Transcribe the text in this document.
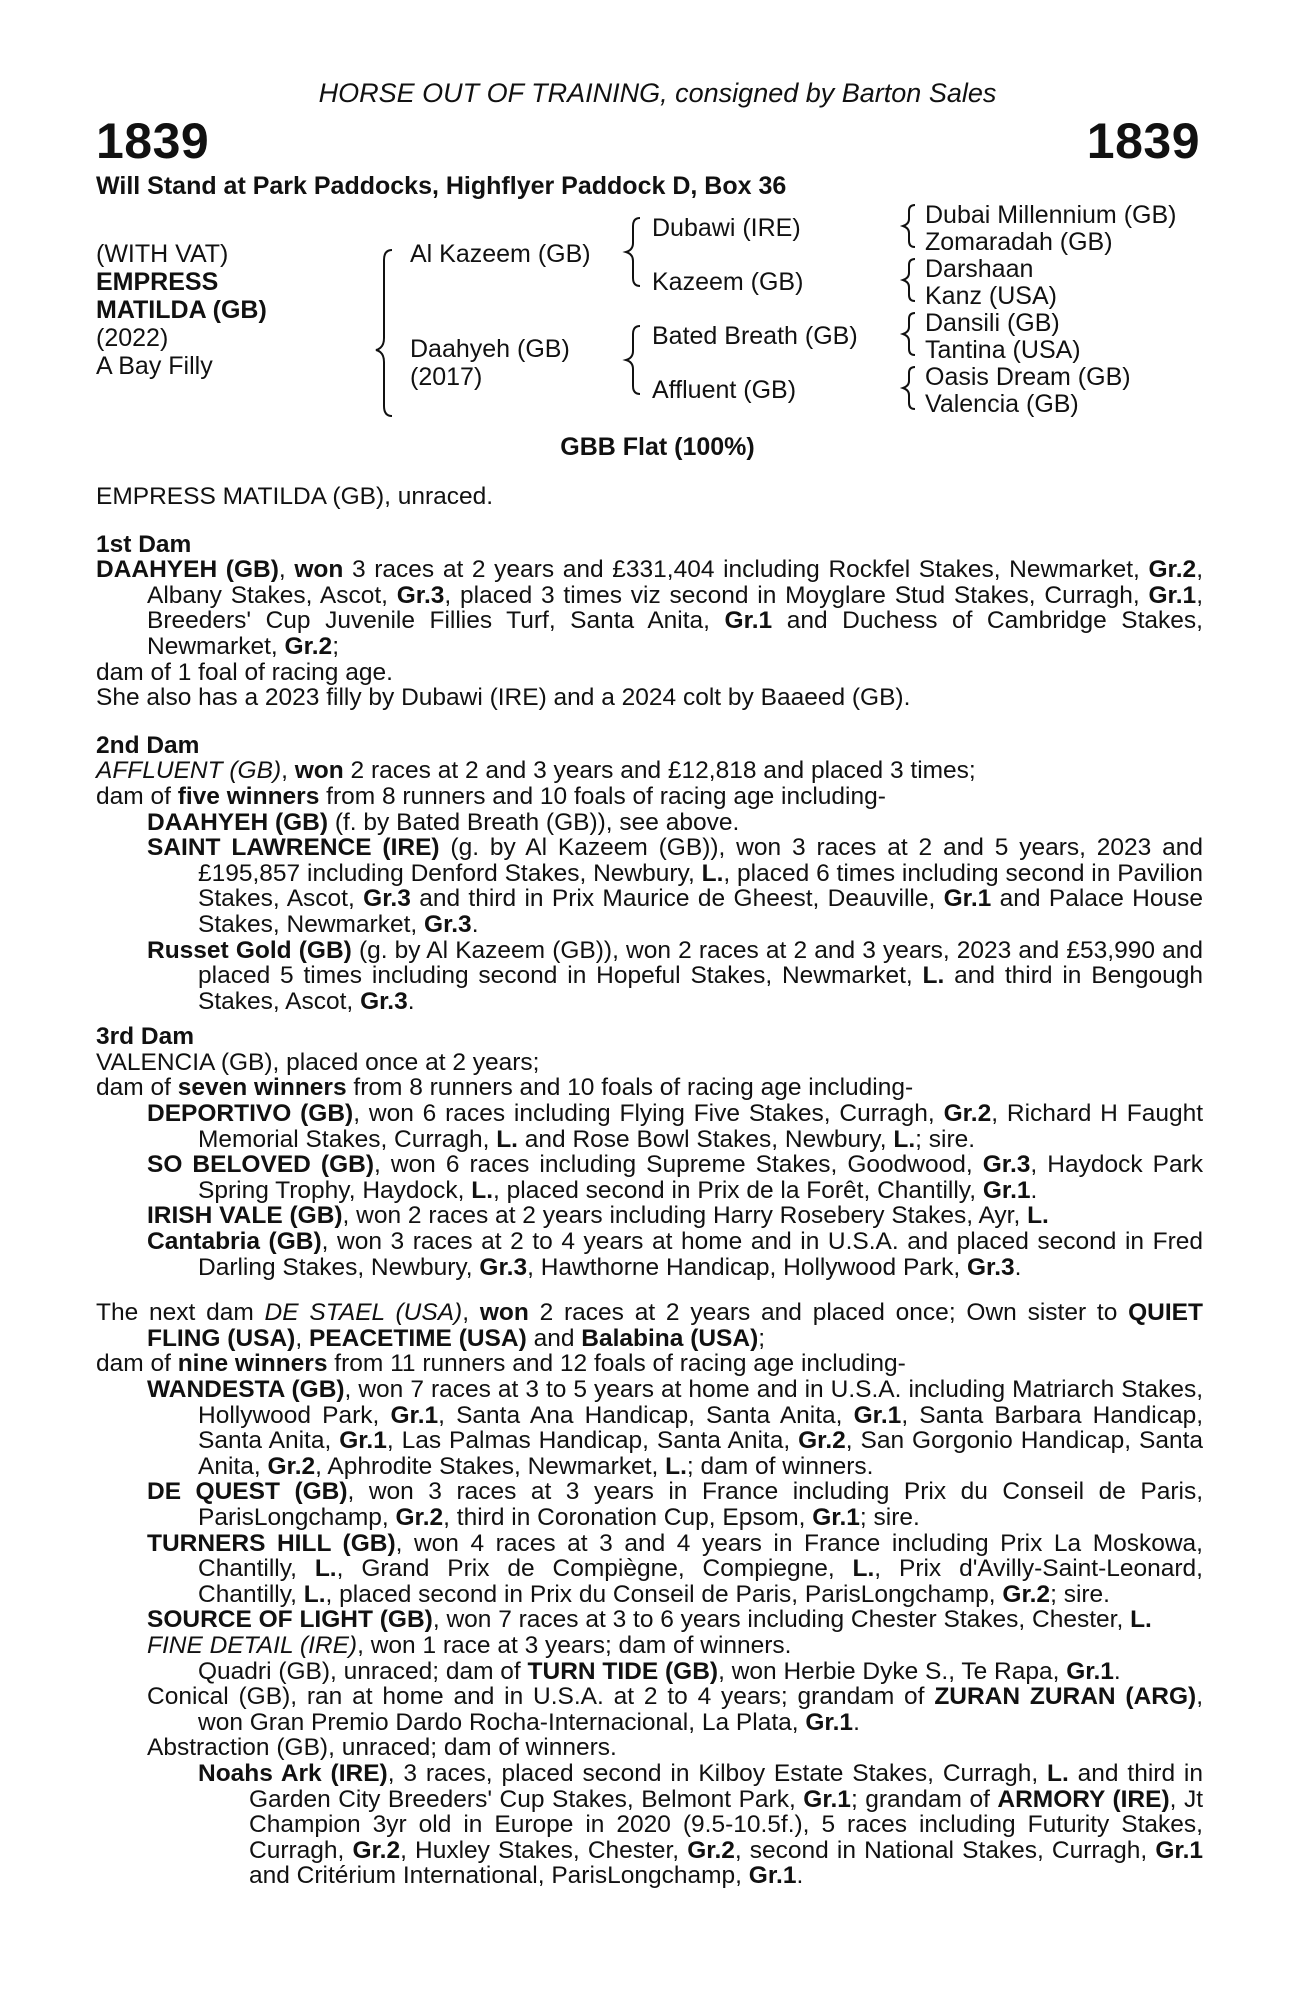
HORSE OUT OF TRAINING, consigned by Barton Sales
1839	1839
Will Stand at Park Paddocks, Highflyer Paddock D, Box 36
(WITH VAT)
EMPRESS
MATILDA (GB)
(2022)
A Bay Filly
Al Kazeem (GB)
Daahyeh (GB)
(2017)
Dubawi (IRE)
Kazeem (GB)
Bated Breath (GB)
Affluent (GB)
Dubai Millennium (GB)
Zomaradah (GB)
Darshaan
Kanz (USA)
Dansili (GB)
Tantina (USA)
Oasis Dream (GB)
Valencia (GB)
GBB Flat (100%)

EMPRESS MATILDA (GB), unraced.

1st Dam

DAAHYEH (GB), won 3 races at 2 years and £331,404 including Rockfel Stakes, Newmarket, Gr.2, Albany Stakes, Ascot, Gr.3, placed 3 times viz second in Moyglare Stud Stakes, Curragh, Gr.1, Breeders' Cup Juvenile Fillies Turf, Santa Anita, Gr.1 and Duchess of Cambridge Stakes, Newmarket, Gr.2;

dam of 1 foal of racing age.

She also has a 2023 filly by Dubawi (IRE) and a 2024 colt by Baaeed (GB).

2nd Dam

AFFLUENT (GB), won 2 races at 2 and 3 years and £12,818 and placed 3 times;

dam of five winners from 8 runners and 10 foals of racing age including-

DAAHYEH (GB) (f. by Bated Breath (GB)), see above.

SAINT LAWRENCE (IRE) (g. by Al Kazeem (GB)), won 3 races at 2 and 5 years, 2023 and £195,857 including Denford Stakes, Newbury, L., placed 6 times including second in Pavilion Stakes, Ascot, Gr.3 and third in Prix Maurice de Gheest, Deauville, Gr.1 and Palace House Stakes, Newmarket, Gr.3.

Russet Gold (GB) (g. by Al Kazeem (GB)), won 2 races at 2 and 3 years, 2023 and £53,990 and placed 5 times including second in Hopeful Stakes, Newmarket, L. and third in Bengough Stakes, Ascot, Gr.3.

3rd Dam

VALENCIA (GB), placed once at 2 years;

dam of seven winners from 8 runners and 10 foals of racing age including-

DEPORTIVO (GB), won 6 races including Flying Five Stakes, Curragh, Gr.2, Richard H Faught Memorial Stakes, Curragh, L. and Rose Bowl Stakes, Newbury, L.; sire.

SO BELOVED (GB), won 6 races including Supreme Stakes, Goodwood, Gr.3, Haydock Park Spring Trophy, Haydock, L., placed second in Prix de la Forêt, Chantilly, Gr.1.

IRISH VALE (GB), won 2 races at 2 years including Harry Rosebery Stakes, Ayr, L.

Cantabria (GB), won 3 races at 2 to 4 years at home and in U.S.A. and placed second in Fred Darling Stakes, Newbury, Gr.3, Hawthorne Handicap, Hollywood Park, Gr.3.

The next dam DE STAEL (USA), won 2 races at 2 years and placed once; Own sister to QUIET FLING (USA), PEACETIME (USA) and Balabina (USA);

dam of nine winners from 11 runners and 12 foals of racing age including-

WANDESTA (GB), won 7 races at 3 to 5 years at home and in U.S.A. including Matriarch Stakes, Hollywood Park, Gr.1, Santa Ana Handicap, Santa Anita, Gr.1, Santa Barbara Handicap, Santa Anita, Gr.1, Las Palmas Handicap, Santa Anita, Gr.2, San Gorgonio Handicap, Santa Anita, Gr.2, Aphrodite Stakes, Newmarket, L.; dam of winners.

DE QUEST (GB), won 3 races at 3 years in France including Prix du Conseil de Paris, ParisLongchamp, Gr.2, third in Coronation Cup, Epsom, Gr.1; sire.

TURNERS HILL (GB), won 4 races at 3 and 4 years in France including Prix La Moskowa, Chantilly, L., Grand Prix de Compiègne, Compiegne, L., Prix d'Avilly-Saint-Leonard, Chantilly, L., placed second in Prix du Conseil de Paris, ParisLongchamp, Gr.2; sire.

SOURCE OF LIGHT (GB), won 7 races at 3 to 6 years including Chester Stakes, Chester, L.

FINE DETAIL (IRE), won 1 race at 3 years; dam of winners.

Quadri (GB), unraced; dam of TURN TIDE (GB), won Herbie Dyke S., Te Rapa, Gr.1.

Conical (GB), ran at home and in U.S.A. at 2 to 4 years; grandam of ZURAN ZURAN (ARG), won Gran Premio Dardo Rocha-Internacional, La Plata, Gr.1.

Abstraction (GB), unraced; dam of winners.

Noahs Ark (IRE), 3 races, placed second in Kilboy Estate Stakes, Curragh, L. and third in Garden City Breeders' Cup Stakes, Belmont Park, Gr.1; grandam of ARMORY (IRE), Jt Champion 3yr old in Europe in 2020 (9.5-10.5f.), 5 races including Futurity Stakes, Curragh, Gr.2, Huxley Stakes, Chester, Gr.2, second in National Stakes, Curragh, Gr.1 and Critérium International, ParisLongchamp, Gr.1.
